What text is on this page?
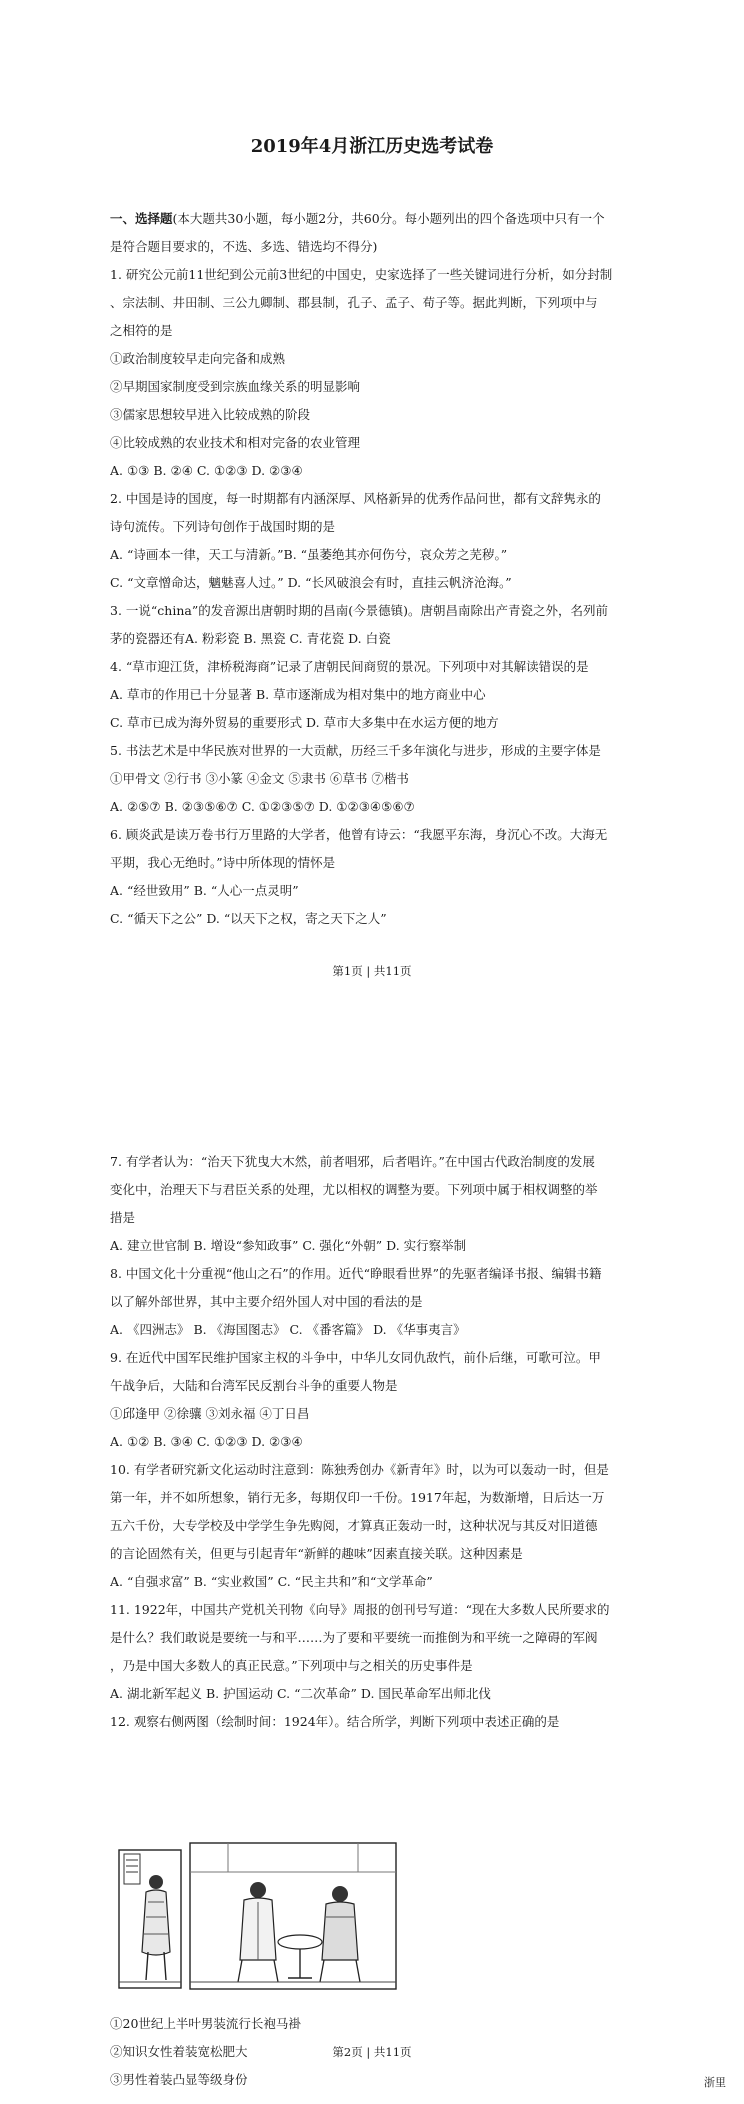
2019年4月浙江历史选考试卷
一、选择题(本大题共30小题，每小题2分，共60分。每小题列出的四个备选项中只有一个
是符合题目要求的，不选、多选、错选均不得分)
1. 研究公元前11世纪到公元前3世纪的中国史，史家选择了一些关键词进行分析，如分封制
、宗法制、井田制、三公九卿制、郡县制，孔子、孟子、荀子等。据此判断，下列项中与
之相符的是
①政治制度较早走向完备和成熟
②早期国家制度受到宗族血缘关系的明显影响
③儒家思想较早进入比较成熟的阶段
④比较成熟的农业技术和相对完备的农业管理
A. ①③ B. ②④ C. ①②③ D. ②③④
2. 中国是诗的国度，每一时期都有内涵深厚、风格新异的优秀作品问世，都有文辞隽永的
诗句流传。下列诗句创作于战国时期的是
A. “诗画本一律，天工与清新。”B. “虽萎绝其亦何伤兮，哀众芳之芜秽。”
C. “文章憎命达，魑魅喜人过。” D. “长风破浪会有时，直挂云帆济沧海。”
3. 一说“china”的发音源出唐朝时期的昌南(今景德镇)。唐朝昌南除出产青瓷之外，名列前
茅的瓷器还有A. 粉彩瓷 B. 黑瓷 C. 青花瓷 D. 白瓷
4. “草市迎江货，津桥税海商”记录了唐朝民间商贸的景况。下列项中对其解读错误的是
A. 草市的作用已十分显著 B. 草市逐渐成为相对集中的地方商业中心
C. 草市已成为海外贸易的重要形式 D. 草市大多集中在水运方便的地方
5. 书法艺术是中华民族对世界的一大贡献，历经三千多年演化与进步，形成的主要字体是
①甲骨文 ②行书 ③小篆 ④金文 ⑤隶书 ⑥草书 ⑦楷书
A. ②⑤⑦ B. ②③⑤⑥⑦ C. ①②③⑤⑦ D. ①②③④⑤⑥⑦
6. 顾炎武是读万卷书行万里路的大学者，他曾有诗云：“我愿平东海，身沉心不改。大海无
平期，我心无绝时。”诗中所体现的情怀是
A. “经世致用” B. “人心一点灵明”
C. “循天下之公” D. “以天下之权，寄之天下之人”
第1页 | 共11页
7. 有学者认为：“治天下犹曳大木然，前者唱邪，后者唱许。”在中国古代政治制度的发展
变化中，治理天下与君臣关系的处理，尤以相权的调整为要。下列项中属于相权调整的举
措是
A. 建立世官制 B. 增设“参知政事” C. 强化“外朝” D. 实行察举制
8. 中国文化十分重视“他山之石”的作用。近代“睁眼看世界”的先驱者编译书报、编辑书籍
以了解外部世界，其中主要介绍外国人对中国的看法的是
A. 《四洲志》 B. 《海国图志》 C. 《番客篇》 D. 《华事夷言》
9. 在近代中国军民维护国家主权的斗争中，中华儿女同仇敌忾，前仆后继，可歌可泣。甲
午战争后，大陆和台湾军民反割台斗争的重要人物是
①邱逢甲 ②徐骧 ③刘永福 ④丁日昌
A. ①② B. ③④ C. ①②③ D. ②③④
10. 有学者研究新文化运动时注意到：陈独秀创办《新青年》时，以为可以轰动一时，但是
第一年，并不如所想象，销行无多，每期仅印一千份。1917年起，为数渐增，日后达一万
五六千份，大专学校及中学学生争先购阅，才算真正轰动一时，这种状况与其反对旧道德
的言论固然有关，但更与引起青年“新鲜的趣味”因素直接关联。这种因素是
A. “自强求富” B. “实业救国” C. “民主共和”和“文学革命”
11. 1922年，中国共产党机关刊物《向导》周报的创刊号写道：“现在大多数人民所要求的
是什么？我们敢说是要统一与和平……为了要和平要统一而推倒为和平统一之障碍的军阀
，乃是中国大多数人的真正民意。”下列项中与之相关的历史事件是
A. 湖北新军起义 B. 护国运动 C. “二次革命” D. 国民革命军出师北伐
12. 观察右侧两图（绘制时间：1924年）。结合所学，判断下列项中表述正确的是
①20世纪上半叶男装流行长袍马褂
②知识女性着装宽松肥大
③男性着装凸显等级身份
第2页 | 共11页
浙里
